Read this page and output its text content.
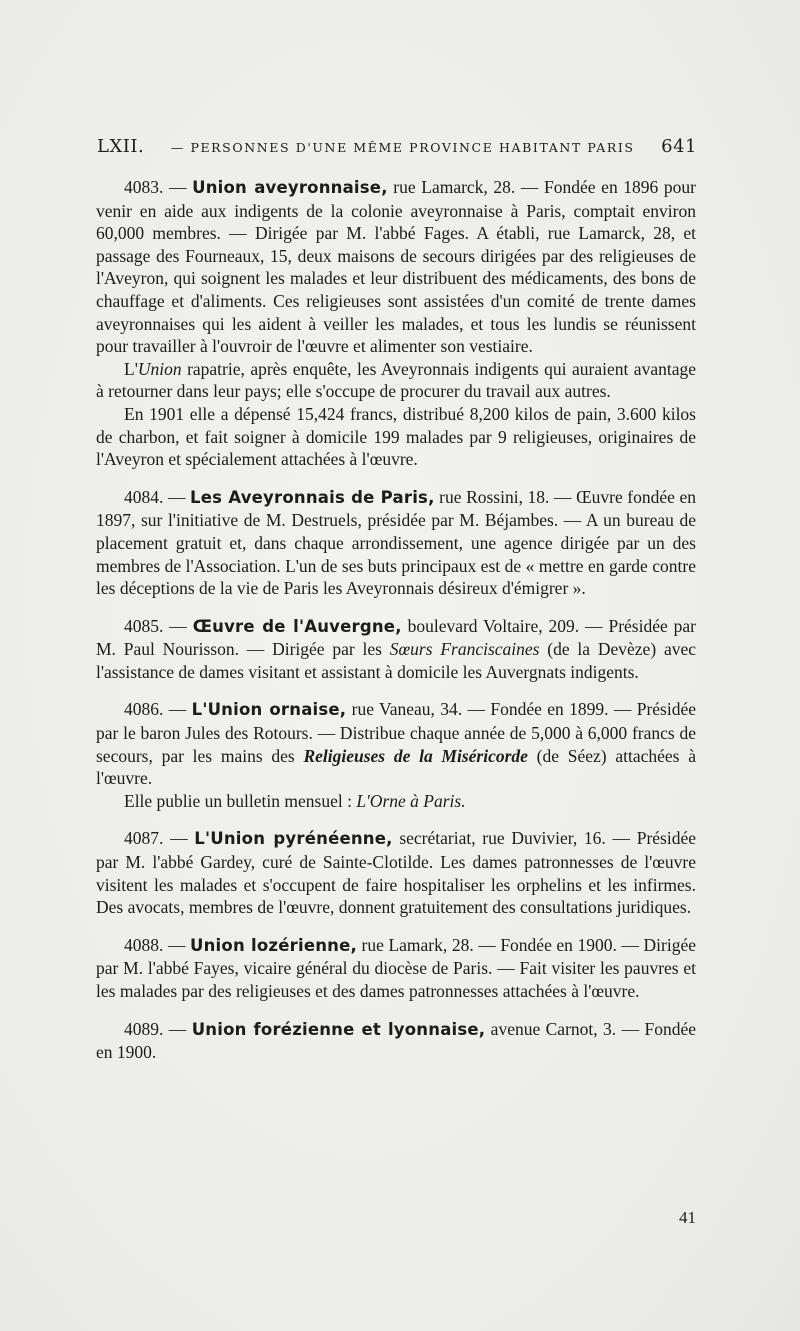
LXII.	— PERSONNES D'UNE MÊME PROVINCE HABITANT PARIS	641

4083. — Union aveyronnaise, rue Lamarck, 28. — Fondée en 1896 pour venir en aide aux indigents de la colonie aveyronnaise à Paris, comptait environ 60,000 membres. — Dirigée par M. l'abbé Fages. A établi, rue Lamarck, 28, et passage des Fourneaux, 15, deux maisons de secours dirigées par des religieuses de l'Aveyron, qui soignent les malades et leur distribuent des médicaments, des bons de chauffage et d'aliments. Ces religieuses sont assistées d'un comité de trente dames aveyronnaises qui les aident à veiller les malades, et tous les lundis se réunissent pour travailler à l'ouvroir de l'œuvre et alimenter son vestiaire.

L'Union rapatrie, après enquête, les Aveyronnais indigents qui auraient avantage à retourner dans leur pays; elle s'occupe de procurer du travail aux autres.

En 1901 elle a dépensé 15,424 francs, distribué 8,200 kilos de pain, 3.600 kilos de charbon, et fait soigner à domicile 199 malades par 9 religieuses, originaires de l'Aveyron et spécialement attachées à l'œuvre.

4084. — Les Aveyronnais de Paris, rue Rossini, 18. — Œuvre fondée en 1897, sur l'initiative de M. Destruels, présidée par M. Béjambes. — A un bureau de placement gratuit et, dans chaque arrondissement, une agence dirigée par un des membres de l'Association. L'un de ses buts principaux est de « mettre en garde contre les déceptions de la vie de Paris les Aveyronnais désireux d'émigrer ».

4085. — Œuvre de l'Auvergne, boulevard Voltaire, 209. — Présidée par M. Paul Nourisson. — Dirigée par les Sœurs Franciscaines (de la Devèze) avec l'assistance de dames visitant et assistant à domicile les Auvergnats indigents.

4086. — L'Union ornaise, rue Vaneau, 34. — Fondée en 1899. — Présidée par le baron Jules des Rotours. — Distribue chaque année de 5,000 à 6,000 francs de secours, par les mains des Religieuses de la Miséricorde (de Séez) attachées à l'œuvre.

Elle publie un bulletin mensuel : L'Orne à Paris.

4087. — L'Union pyrénéenne, secrétariat, rue Duvivier, 16. — Présidée par M. l'abbé Gardey, curé de Sainte-Clotilde. Les dames patronnesses de l'œuvre visitent les malades et s'occupent de faire hospitaliser les orphelins et les infirmes. Des avocats, membres de l'œuvre, donnent gratuitement des consultations juridiques.

4088. — Union lozérienne, rue Lamark, 28. — Fondée en 1900. — Dirigée par M. l'abbé Fayes, vicaire général du diocèse de Paris. — Fait visiter les pauvres et les malades par des religieuses et des dames patronnesses attachées à l'œuvre.

4089. — Union forézienne et lyonnaise, avenue Carnot, 3. — Fondée en 1900.

41
